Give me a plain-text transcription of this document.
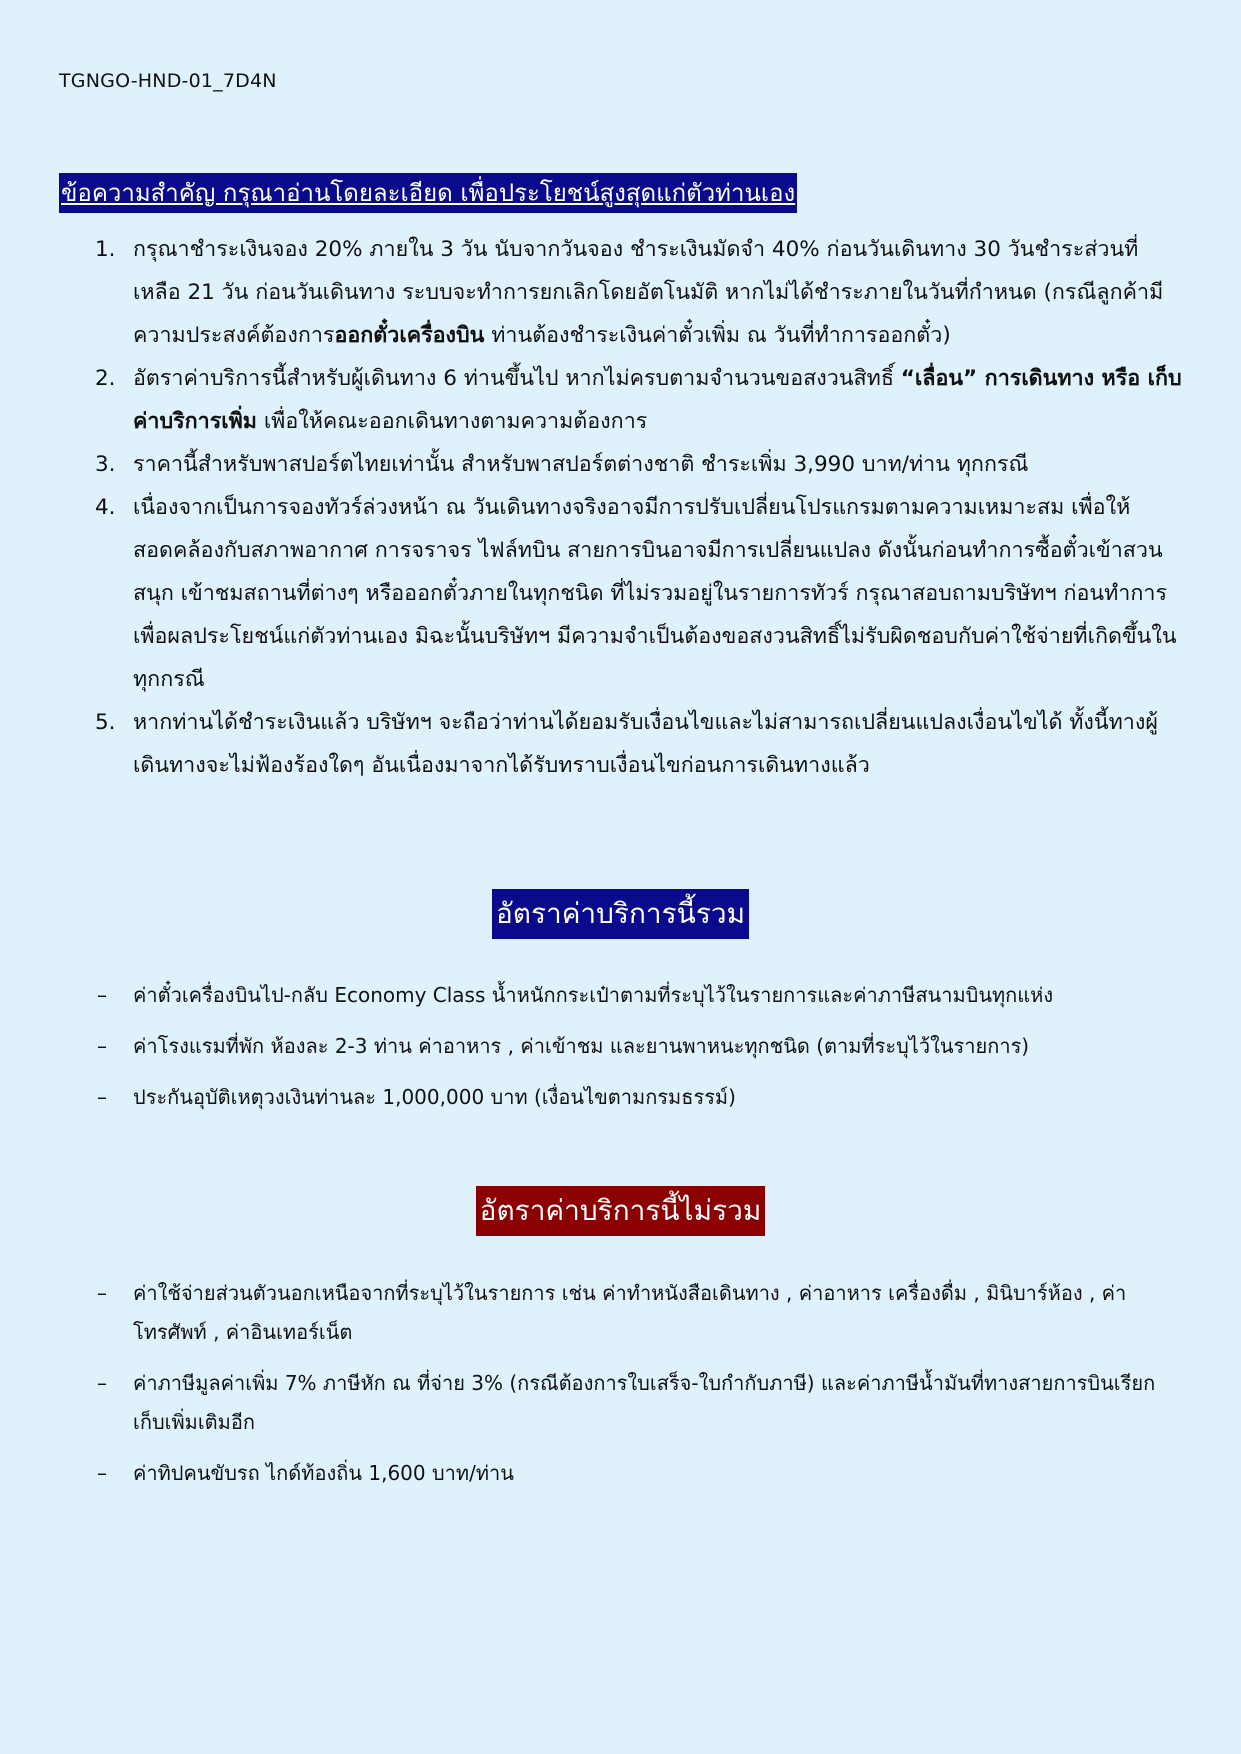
TGNGO-HND-01_7D4N
ข้อความสำคัญ กรุณาอ่านโดยละเอียด เพื่อประโยชน์สูงสุดแก่ตัวท่านเอง
1. กรุณาชำระเงินจอง 20% ภายใน 3 วัน นับจากวันจอง ชำระเงินมัดจำ 40% ก่อนวันเดินทาง 30 วันชำระส่วนที่เหลือ 21 วัน ก่อนวันเดินทาง ระบบจะทำการยกเลิกโดยอัตโนมัติ หากไม่ได้ชำระภายในวันที่กำหนด (กรณีลูกค้ามีความประสงค์ต้องการออกตั๋วเครื่องบิน ท่านต้องชำระเงินค่าตั๋วเพิ่ม ณ วันที่ทำการออกตั๋ว)
2. อัตราค่าบริการนี้สำหรับผู้เดินทาง 6 ท่านขึ้นไป หากไม่ครบตามจำนวนขอสงวนสิทธิ์ “เลื่อน” การเดินทาง หรือ เก็บค่าบริการเพิ่ม เพื่อให้คณะออกเดินทางตามความต้องการ
3. ราคานี้สำหรับพาสปอร์ตไทยเท่านั้น สำหรับพาสปอร์ตต่างชาติ ชำระเพิ่ม 3,990 บาท/ท่าน ทุกกรณี
4. เนื่องจากเป็นการจองทัวร์ล่วงหน้า ณ วันเดินทางจริงอาจมีการปรับเปลี่ยนโปรแกรมตามความเหมาะสม เพื่อให้สอดคล้องกับสภาพอากาศ การจราจร ไฟล์ทบิน สายการบินอาจมีการเปลี่ยนแปลง ดังนั้นก่อนทำการซื้อตั๋วเข้าสวนสนุก เข้าชมสถานที่ต่างๆ หรือออกตั๋วภายในทุกชนิด ที่ไม่รวมอยู่ในรายการทัวร์ กรุณาสอบถามบริษัทฯ ก่อนทำการ เพื่อผลประโยชน์แก่ตัวท่านเอง มิฉะนั้นบริษัทฯ มีความจำเป็นต้องขอสงวนสิทธิ์ไม่รับผิดชอบกับค่าใช้จ่ายที่เกิดขึ้นในทุกกรณี
5. หากท่านได้ชำระเงินแล้ว บริษัทฯ จะถือว่าท่านได้ยอมรับเงื่อนไขและไม่สามารถเปลี่ยนแปลงเงื่อนไขได้ ทั้งนี้ทางผู้เดินทางจะไม่ฟ้องร้องใดๆ อันเนื่องมาจากได้รับทราบเงื่อนไขก่อนการเดินทางแล้ว
อัตราค่าบริการนี้รวม
– ค่าตั๋วเครื่องบินไป-กลับ Economy Class น้ำหนักกระเป๋าตามที่ระบุไว้ในรายการและค่าภาษีสนามบินทุกแห่ง
– ค่าโรงแรมที่พัก ห้องละ 2-3 ท่าน ค่าอาหาร , ค่าเข้าชม และยานพาหนะทุกชนิด (ตามที่ระบุไว้ในรายการ)
– ประกันอุบัติเหตุวงเงินท่านละ 1,000,000 บาท (เงื่อนไขตามกรมธรรม์)
อัตราค่าบริการนี้ไม่รวม
– ค่าใช้จ่ายส่วนตัวนอกเหนือจากที่ระบุไว้ในรายการ เช่น ค่าทำหนังสือเดินทาง , ค่าอาหาร เครื่องดื่ม , มินิบาร์ห้อง , ค่าโทรศัพท์ , ค่าอินเทอร์เน็ต
– ค่าภาษีมูลค่าเพิ่ม 7% ภาษีหัก ณ ที่จ่าย 3% (กรณีต้องการใบเสร็จ-ใบกำกับภาษี) และค่าภาษีน้ำมันที่ทางสายการบินเรียกเก็บเพิ่มเติมอีก
– ค่าทิปคนขับรถ ไกด์ท้องถิ่น 1,600 บาท/ท่าน
